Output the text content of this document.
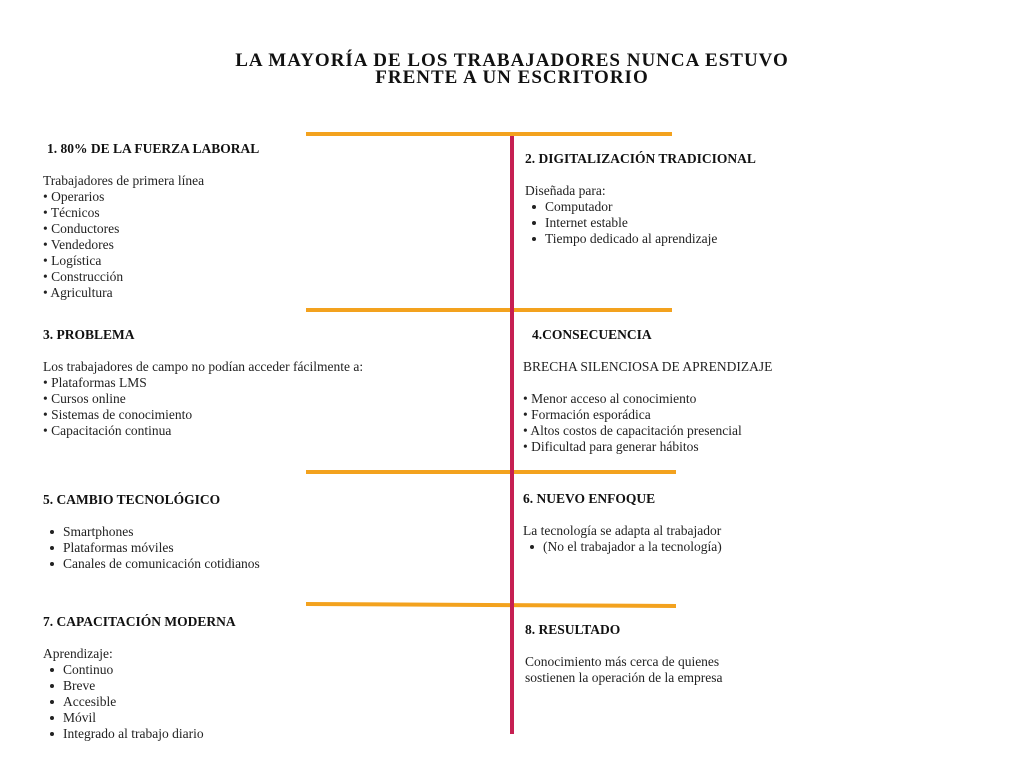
LA MAYORÍA DE LOS TRABAJADORES NUNCA ESTUVO
FRENTE A UN ESCRITORIO
1. 80% DE LA FUERZA LABORAL
Trabajadores de primera línea
• Operarios
• Técnicos
• Conductores
• Vendedores
• Logística
• Construcción
• Agricultura
2. DIGITALIZACIÓN TRADICIONAL
Diseñada para:
Computador
Internet estable
Tiempo dedicado al aprendizaje
3. PROBLEMA
Los trabajadores de campo no podían acceder fácilmente a:
• Plataformas LMS
• Cursos online
• Sistemas de conocimiento
• Capacitación continua
4.CONSECUENCIA
BRECHA SILENCIOSA DE APRENDIZAJE
• Menor acceso al conocimiento
• Formación esporádica
• Altos costos de capacitación presencial
• Dificultad para generar hábitos
5. CAMBIO TECNOLÓGICO
Smartphones
Plataformas móviles
Canales de comunicación cotidianos
6. NUEVO ENFOQUE
La tecnología se adapta al trabajador
(No el trabajador a la tecnología)
7. CAPACITACIÓN MODERNA
Aprendizaje:
Continuo
Breve
Accesible
Móvil
Integrado al trabajo diario
8. RESULTADO
Conocimiento más cerca de quienes
sostienen la operación de la empresa
